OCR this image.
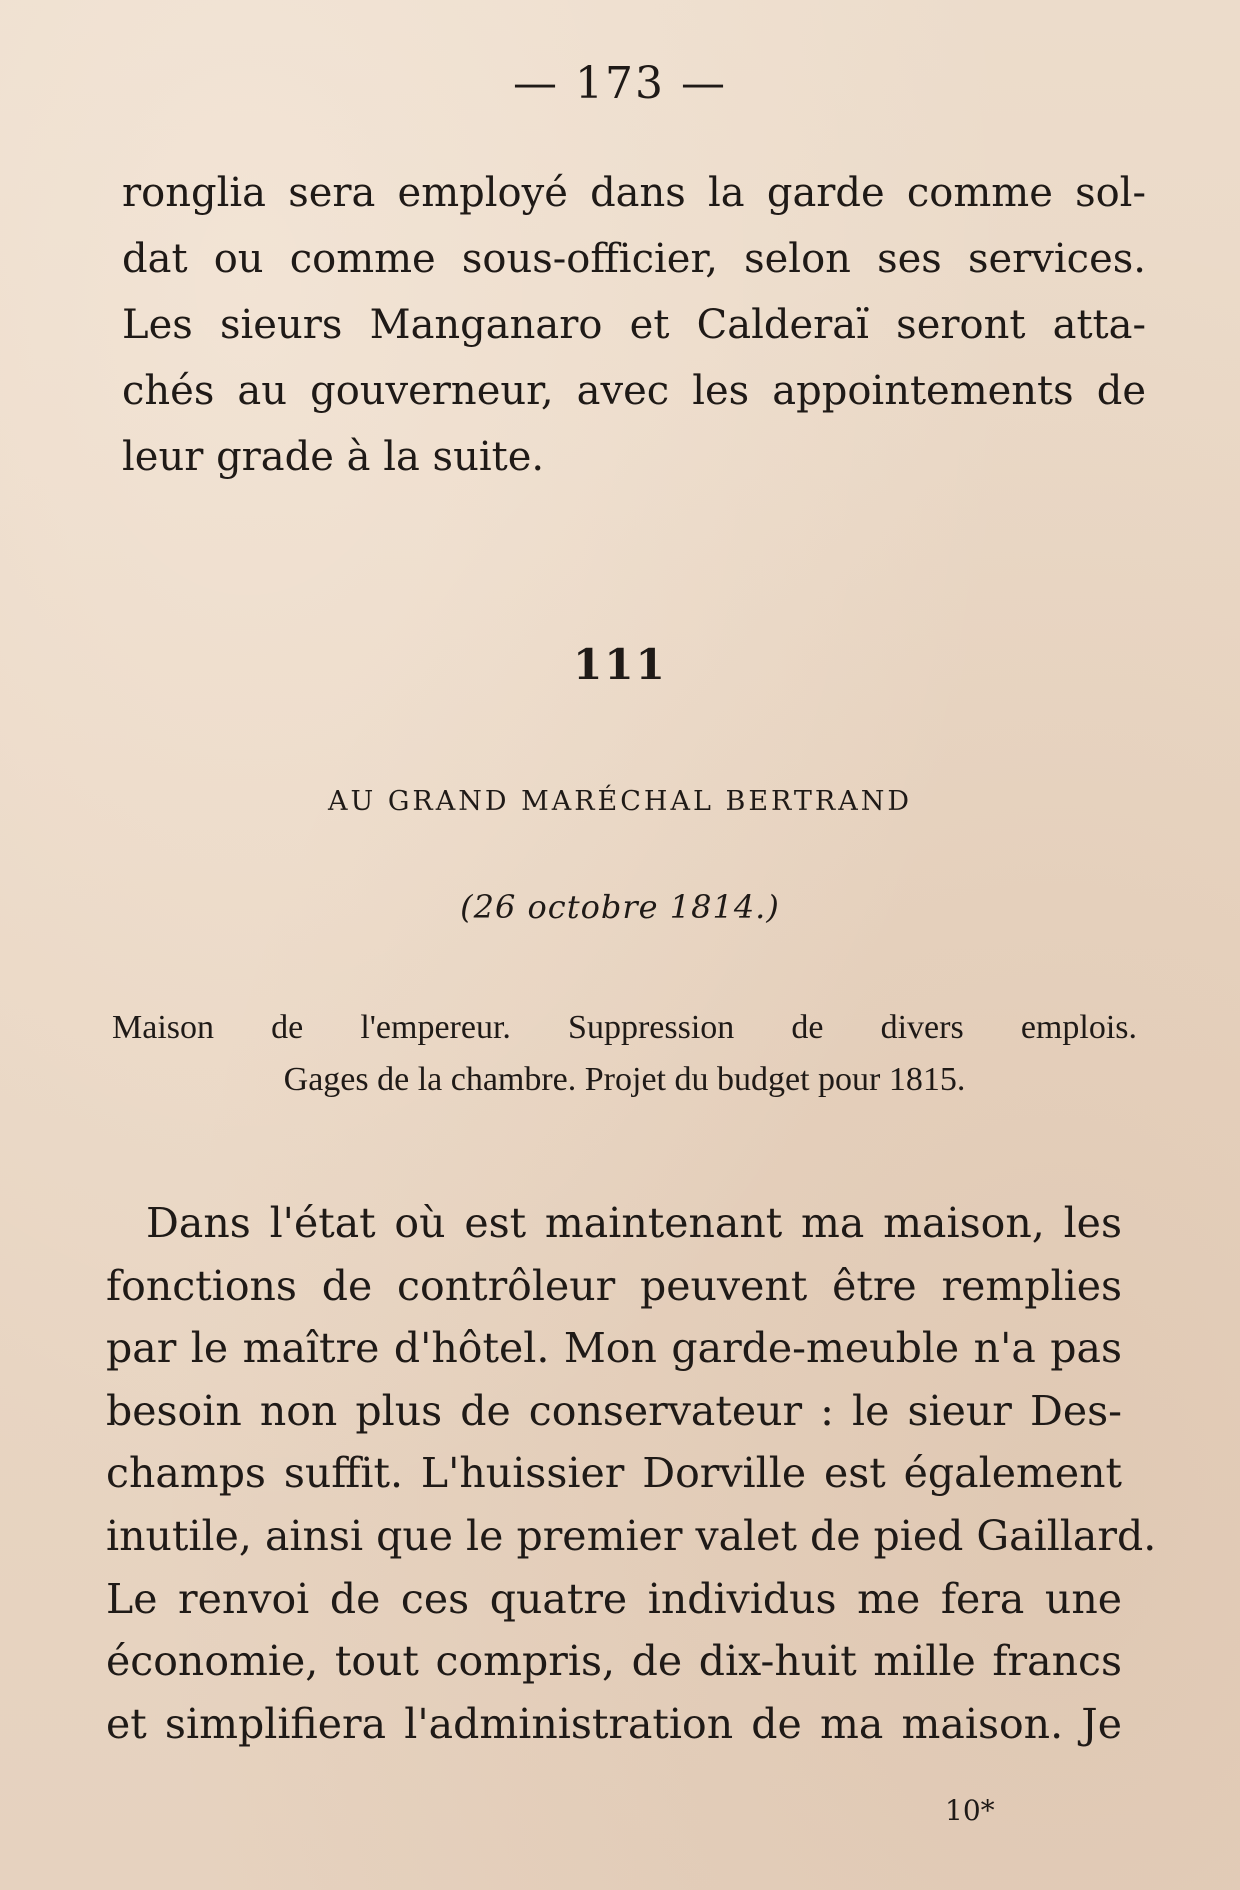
— 173 —
ronglia sera employé dans la garde comme sol-
dat ou comme sous-officier, selon ses services.
Les sieurs Manganaro et Calderaï seront atta-
chés au gouverneur, avec les appointements de
leur grade à la suite.
111
AU GRAND MARÉCHAL BERTRAND
(26 octobre 1814.)
Maison de l'empereur. Suppression de divers emplois.
Gages de la chambre. Projet du budget pour 1815.
Dans l'état où est maintenant ma maison, les
fonctions de contrôleur peuvent être remplies
par le maître d'hôtel. Mon garde-meuble n'a pas
besoin non plus de conservateur : le sieur Des-
champs suffit. L'huissier Dorville est également
inutile, ainsi que le premier valet de pied Gaillard.
Le renvoi de ces quatre individus me fera une
économie, tout compris, de dix-huit mille francs
et simplifiera l'administration de ma maison. Je
10*
